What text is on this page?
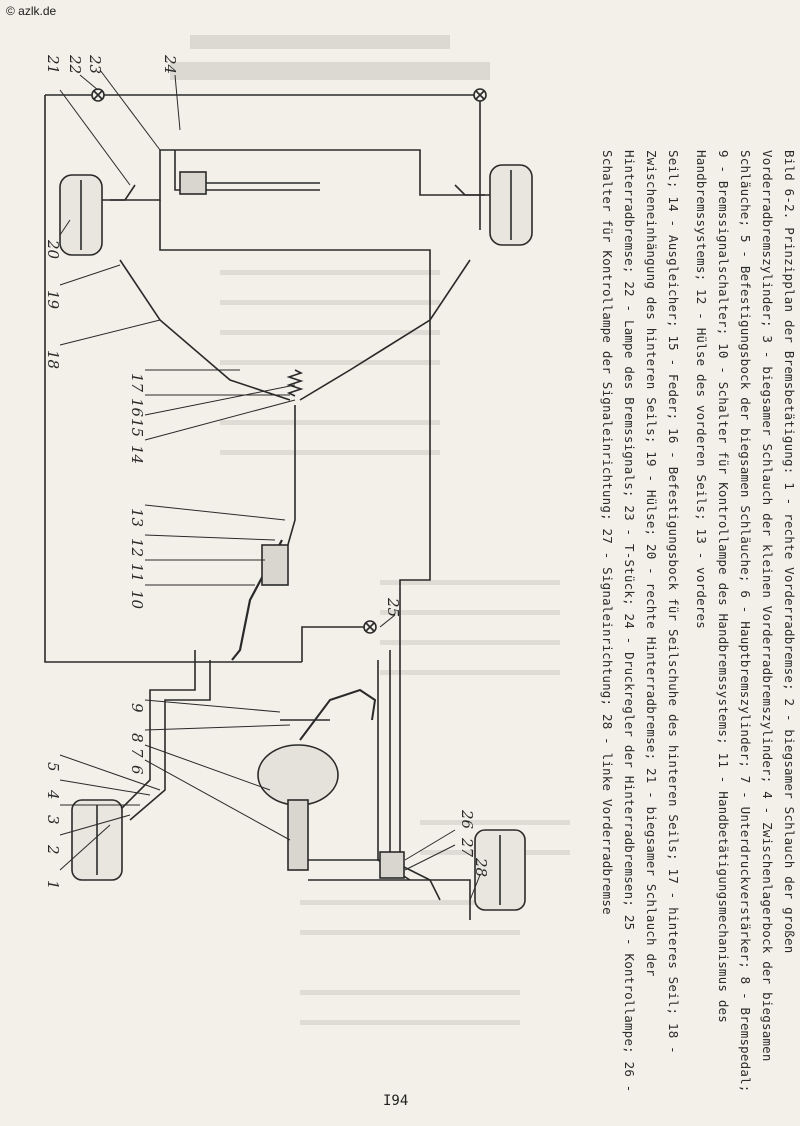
© azlk.de
1
2
3
4
5	6
7
8
9
10
11
12
13
14
15
16
17
18
19
20
21 22 23	24
25
26
27
28	Bild 6-2. Prinzipplan der Bremsbetätigung: 1 - rechte Vorderradbremse; 2 - biegsamer Schlauch der großen Vorderradbremszylinder; 3 - biegsamer Schlauch der kleinen Vorderradbremszylinder; 4 - Zwischenlagerbock der biegsamen Schläuche; 5 - Befestigungsbock der biegsamen Schläuche; 6 - Hauptbremszylinder; 7 - Unterdruckverstärker; 8 - Bremspedal; 9 - Bremssignalschalter; 10 - Schalter für Kontrollampe des Handbremssystems; 11 - Handbetätigungsmechanismus des Handbremssystems; 12 - Hülse des vorderen Seils; 13 - vorderes

Seil; 14 - Ausgleicher; 15 - Feder; 16 - Befestigungsbock für Seilschuhe des hinteren Seils; 17 - hinteres Seil; 18 - Zwischeneinhängung des hinteren Seils; 19 - Hülse; 20 - rechte Hinterradbremse; 21 - biegsamer Schlauch der Hinterradbremse; 22 - Lampe des Bremssignals; 23 - T-Stück; 24 - Druckregler der Hinterradbremsen; 25 - Kontrollampe; 26 - Schalter für Kontrollampe der Signaleinrichtung; 27 - Signaleinrichtung; 28 - linke Vorderradbremse

I94
